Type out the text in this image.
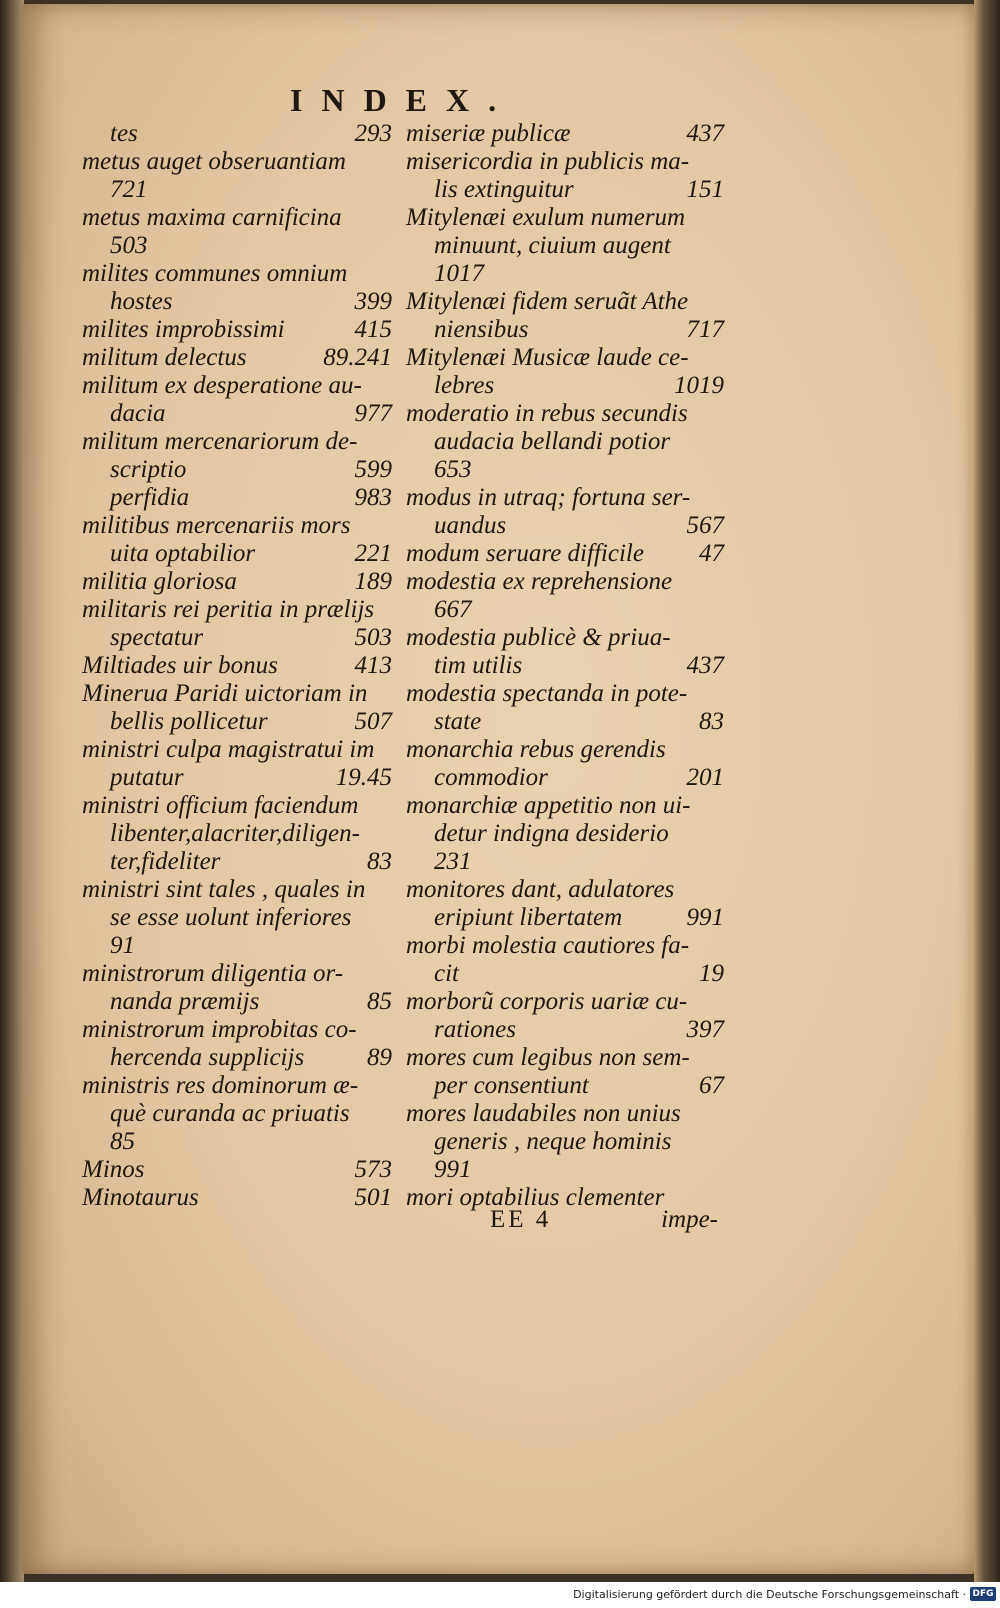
INDEX.
tes	293
metus auget obseruantiam
721
metus maxima carnificina
503
milites communes omnium
hostes	399
milites improbissimi	415
militum delectus	89.241
militum ex desperatione au-
dacia	977
militum mercenariorum de-
scriptio	599
perfidia	983
militibus mercenariis mors
uita optabilior	221
militia gloriosa	189
militaris rei peritia in prælijs
spectatur	503
Miltiades uir bonus	413
Minerua Paridi uictoriam in
bellis pollicetur	507
ministri culpa magistratui im
putatur	19.45
ministri officium faciendum
libenter,alacriter,diligen-
ter,fideliter	83
ministri sint tales , quales in
se esse uolunt inferiores
91
ministrorum diligentia or-
nanda præmijs	85
ministrorum improbitas co-
hercenda supplicijs	89
ministris res dominorum æ-
què curanda ac priuatis
85
Minos	573
Minotaurus	501
miseriæ publicæ	437
misericordia in publicis ma-
lis extinguitur	151
Mitylenæi exulum numerum
minuunt, ciuium augent
1017
Mitylenæi fidem seruãt Athe
niensibus	717
Mitylenæi Musicæ laude ce-
lebres	1019
moderatio in rebus secundis
audacia bellandi potior
653
modus in utraq; fortuna ser-
uandus	567
modum seruare difficile 47
modestia ex reprehensione
667
modestia publicè & priua-
tim utilis	437
modestia spectanda in pote-
state	83
monarchia rebus gerendis
commodior	201
monarchiæ appetitio non ui-
detur indigna desiderio
231
monitores dant, adulatores
eripiunt libertatem	991
morbi molestia cautiores fa-
cit	19
morborũ corporis uariæ cu-
rationes	397
mores cum legibus non sem-
per consentiunt	67
mores laudabiles non unius
generis , neque hominis
991
mori optabilius clementer
EE 4	impe-
Digitalisierung gefördert durch die Deutsche Forschungsgemeinschaft · DFG
